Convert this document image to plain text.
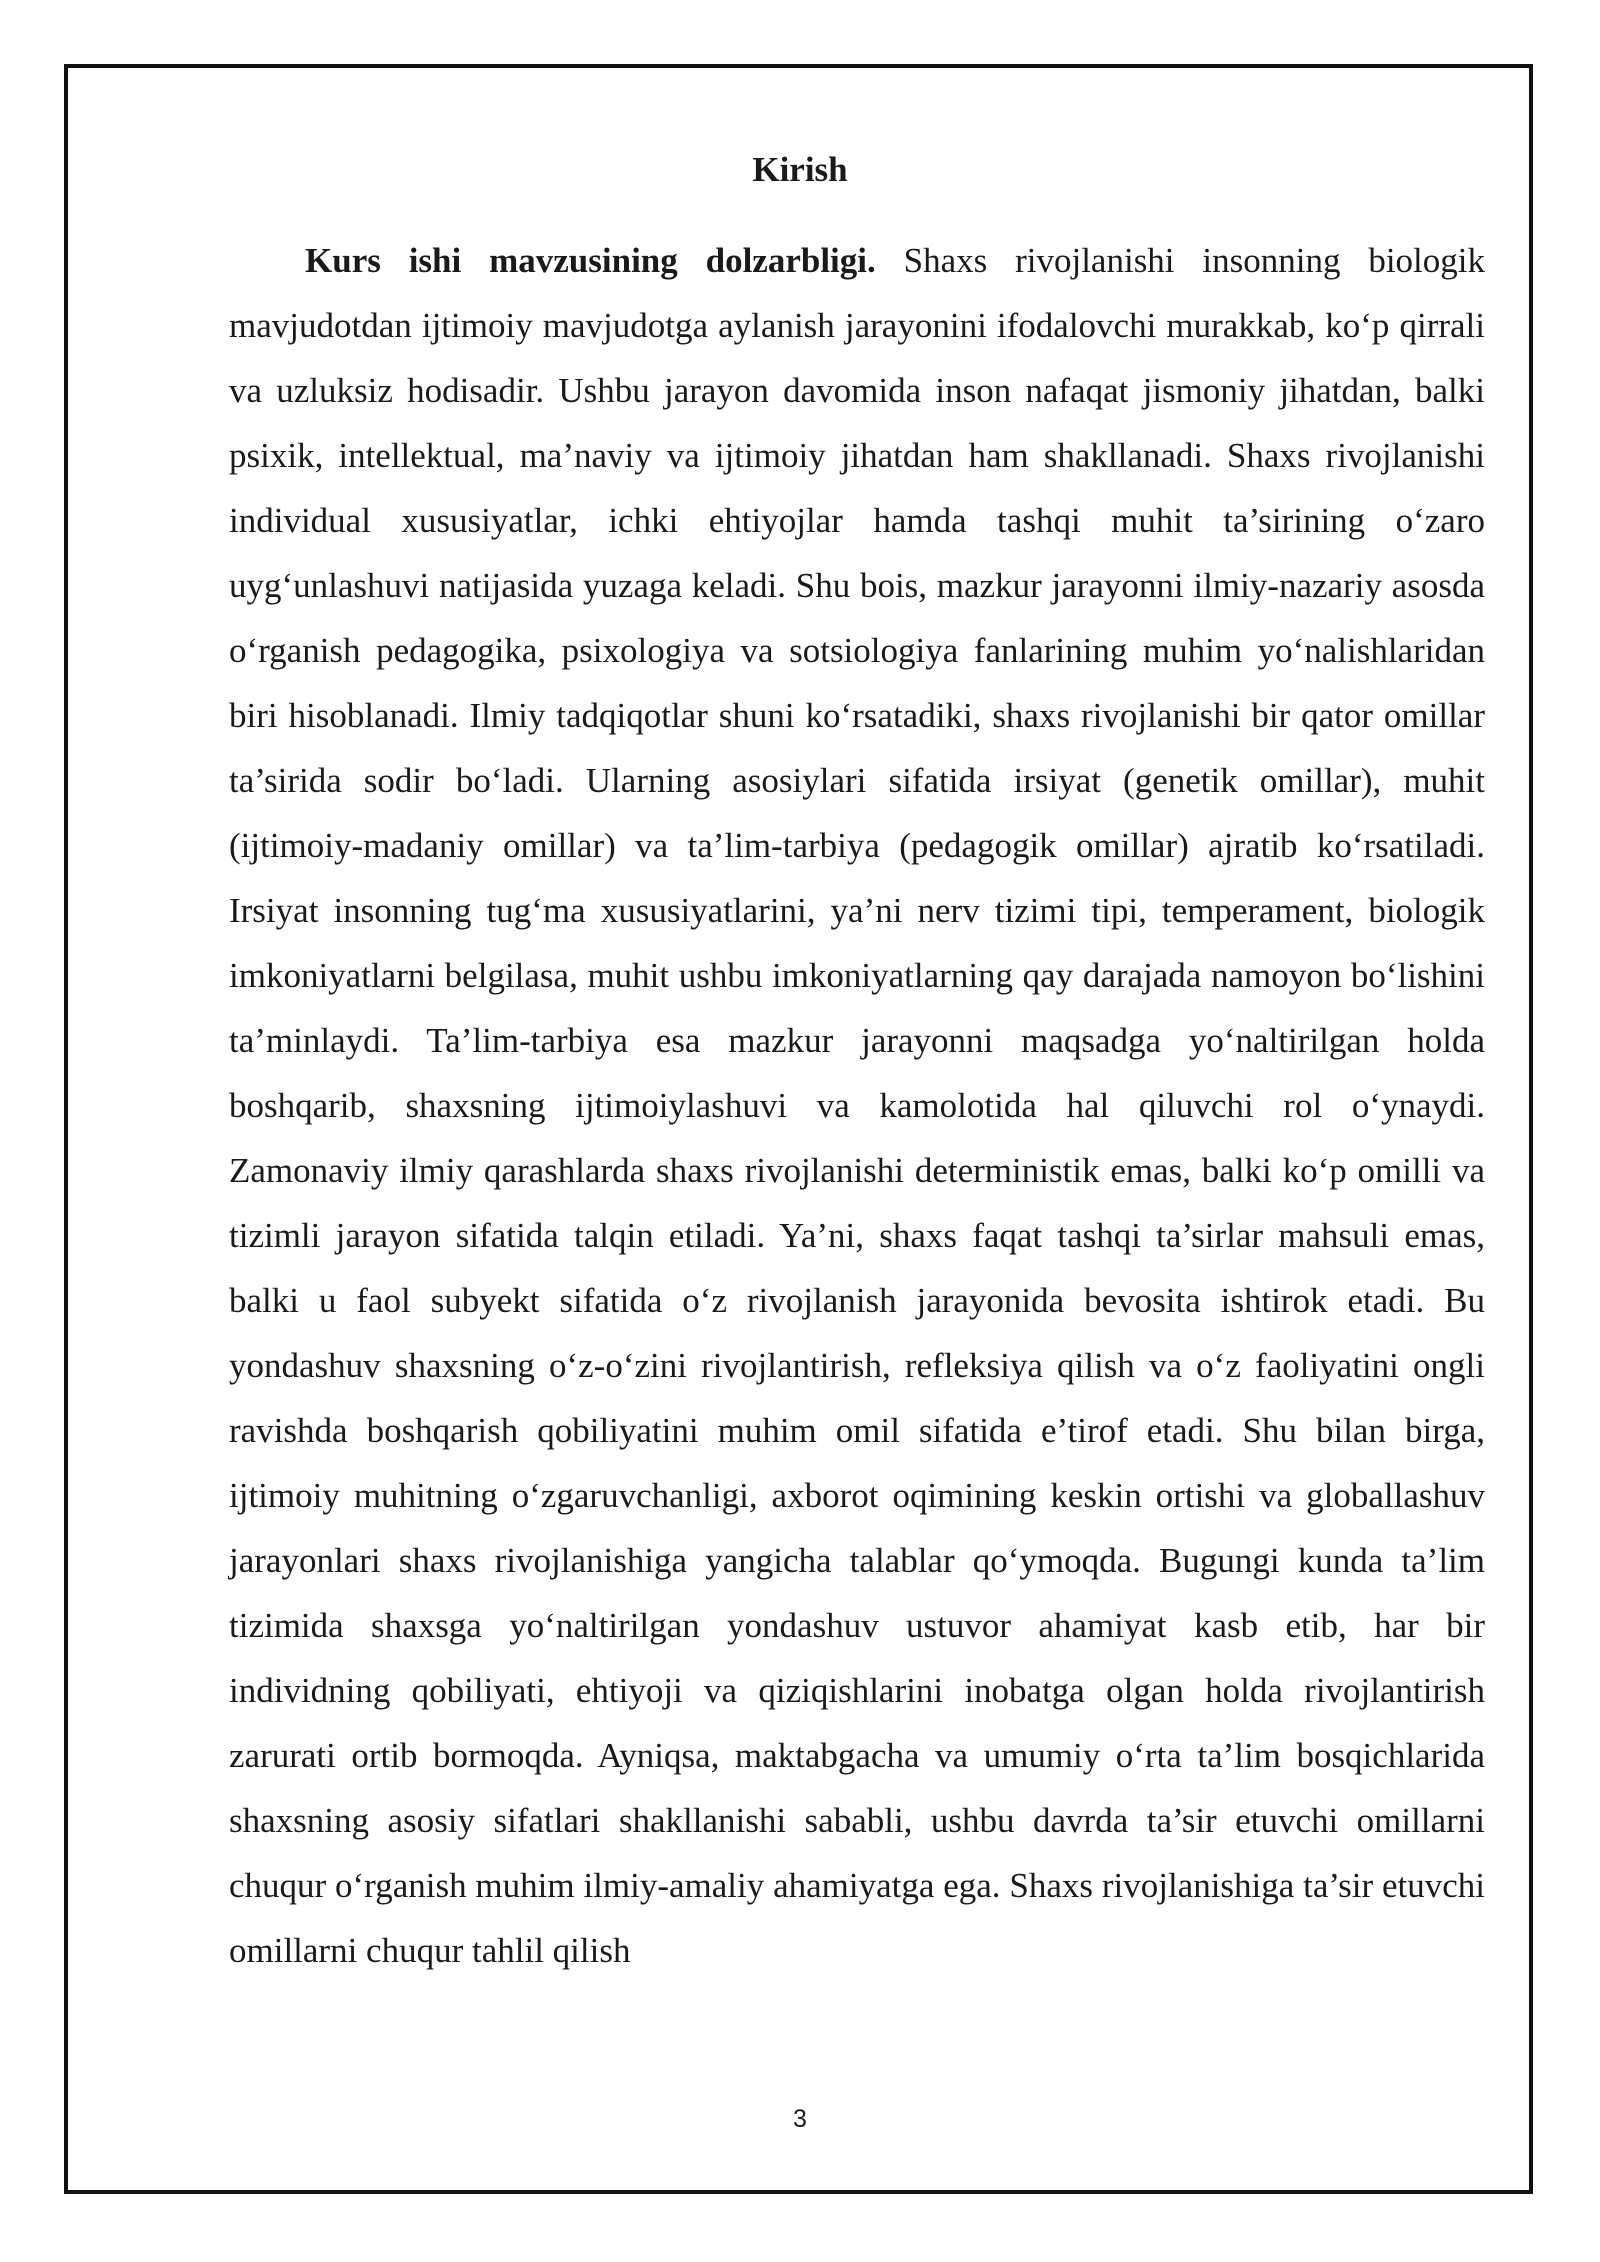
Kirish

Kurs ishi mavzusining dolzarbligi. Shaxs rivojlanishi insonning biologik mavjudotdan ijtimoiy mavjudotga aylanish jarayonini ifodalovchi murakkab, ko‘p qirrali va uzluksiz hodisadir. Ushbu jarayon davomida inson nafaqat jismoniy jihatdan, balki psixik, intellektual, ma’naviy va ijtimoiy jihatdan ham shakllanadi. Shaxs rivojlanishi individual xususiyatlar, ichki ehtiyojlar hamda tashqi muhit ta’sirining o‘zaro uyg‘unlashuvi natijasida yuzaga keladi. Shu bois, mazkur jarayonni ilmiy-nazariy asosda o‘rganish pedagogika, psixologiya va sotsiologiya fanlarining muhim yo‘nalishlaridan biri hisoblanadi. Ilmiy tadqiqotlar shuni ko‘rsatadiki, shaxs rivojlanishi bir qator omillar ta’sirida sodir bo‘ladi. Ularning asosiylari sifatida irsiyat (genetik omillar), muhit (ijtimoiy-madaniy omillar) va ta’lim-tarbiya (pedagogik omillar) ajratib ko‘rsatiladi. Irsiyat insonning tug‘ma xususiyatlarini, ya’ni nerv tizimi tipi, temperament, biologik imkoniyatlarni belgilasa, muhit ushbu imkoniyatlarning qay darajada namoyon bo‘lishini ta’minlaydi. Ta’lim-tarbiya esa mazkur jarayonni maqsadga yo‘naltirilgan holda boshqarib, shaxsning ijtimoiylashuvi va kamolotida hal qiluvchi rol o‘ynaydi. Zamonaviy ilmiy qarashlarda shaxs rivojlanishi deterministik emas, balki ko‘p omilli va tizimli jarayon sifatida talqin etiladi. Ya’ni, shaxs faqat tashqi ta’sirlar mahsuli emas, balki u faol subyekt sifatida o‘z rivojlanish jarayonida bevosita ishtirok etadi. Bu yondashuv shaxsning o‘z-o‘zini rivojlantirish, refleksiya qilish va o‘z faoliyatini ongli ravishda boshqarish qobiliyatini muhim omil sifatida e’tirof etadi. Shu bilan birga, ijtimoiy muhitning o‘zgaruvchanligi, axborot oqimining keskin ortishi va globallashuv jarayonlari shaxs rivojlanishiga yangicha talablar qo‘ymoqda. Bugungi kunda ta’lim tizimida shaxsga yo‘naltirilgan yondashuv ustuvor ahamiyat kasb etib, har bir individning qobiliyati, ehtiyoji va qiziqishlarini inobatga olgan holda rivojlantirish zarurati ortib bormoqda. Ayniqsa, maktabgacha va umumiy o‘rta ta’lim bosqichlarida shaxsning asosiy sifatlari shakllanishi sababli, ushbu davrda ta’sir etuvchi omillarni chuqur o‘rganish muhim ilmiy-amaliy ahamiyatga ega. Shaxs rivojlanishiga ta’sir etuvchi omillarni chuqur tahlil qilish

3
